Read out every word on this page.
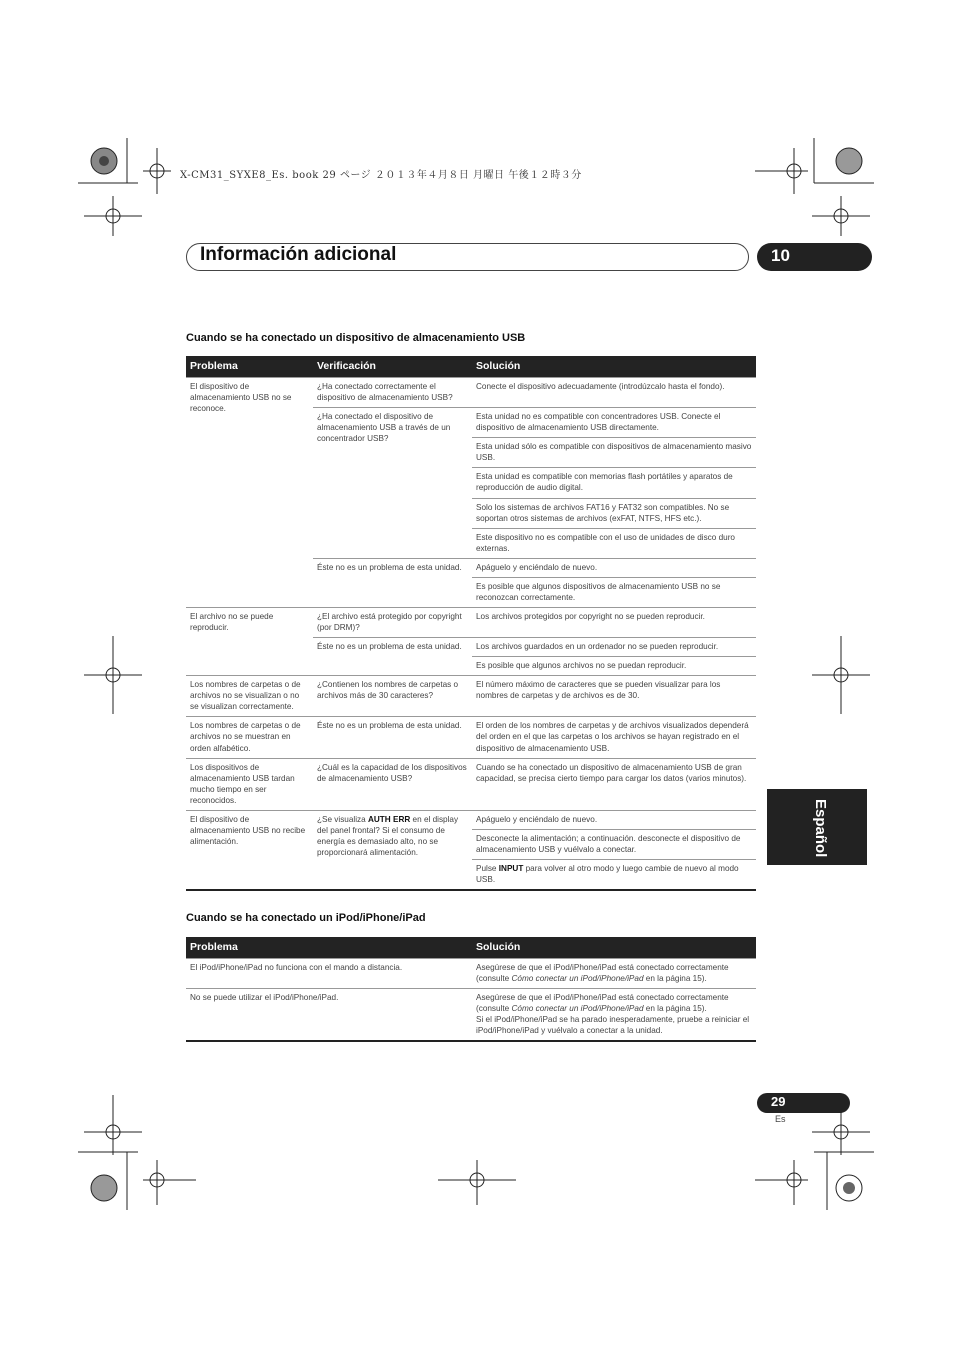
X-CM31_SYXE8_Es. book 29 ページ ２０１３年４月８日 月曜日 午後１２時３分
Información adicional	10
Cuando se ha conectado un dispositivo de almacenamiento USB
Problema	Verificación	Solución
El dispositivo de almacenamiento USB no se reconoce.	¿Ha conectado correctamente el dispositivo de almacenamiento USB?	Conecte el dispositivo adecuadamente (introdúzcalo hasta el fondo).
	¿Ha conectado el dispositivo de almacenamiento USB a través de un concentrador USB?	Esta unidad no es compatible con concentradores USB. Conecte el dispositivo de almacenamiento USB directamente.
		Esta unidad sólo es compatible con dispositivos de almacenamiento masivo USB.
		Esta unidad es compatible con memorias flash portátiles y aparatos de reproducción de audio digital.
		Solo los sistemas de archivos FAT16 y FAT32 son compatibles. No se soportan otros sistemas de archivos (exFAT, NTFS, HFS etc.).
		Este dispositivo no es compatible con el uso de unidades de disco duro externas.
	Éste no es un problema de esta unidad.	Apáguelo y enciéndalo de nuevo.
		Es posible que algunos dispositivos de almacenamiento USB no se reconozcan correctamente.
El archivo no se puede reproducir.	¿El archivo está protegido por copyright (por DRM)?	Los archivos protegidos por copyright no se pueden reproducir.
	Éste no es un problema de esta unidad.	Los archivos guardados en un ordenador no se pueden reproducir.
		Es posible que algunos archivos no se puedan reproducir.
Los nombres de carpetas o de archivos no se visualizan o no se visualizan correctamente.	¿Contienen los nombres de carpetas o archivos más de 30 caracteres?	El número máximo de caracteres que se pueden visualizar para los nombres de carpetas y de archivos es de 30.
Los nombres de carpetas o de archivos no se muestran en orden alfabético.	Éste no es un problema de esta unidad.	El orden de los nombres de carpetas y de archivos visualizados dependerá del orden en el que las carpetas o los archivos se hayan registrado en el dispositivo de almacenamiento USB.
Los dispositivos de almacenamiento USB tardan mucho tiempo en ser reconocidos.	¿Cuál es la capacidad de los dispositivos de almacenamiento USB?	Cuando se ha conectado un dispositivo de almacenamiento USB de gran capacidad, se precisa cierto tiempo para cargar los datos (varios minutos).
El dispositivo de almacenamiento USB no recibe alimentación.	¿Se visualiza AUTH ERR en el display del panel frontal? Si el consumo de energía es demasiado alto, no se proporcionará alimentación.	Apáguelo y enciéndalo de nuevo.
		Desconecte la alimentación; a continuación. desconecte el dispositivo de almacenamiento USB y vuélvalo a conectar.
		Pulse INPUT para volver al otro modo y luego cambie de nuevo al modo USB.
Cuando se ha conectado un iPod/iPhone/iPad
Problema	Solución
El iPod/iPhone/iPad no funciona con el mando a distancia.	Asegúrese de que el iPod/iPhone/iPad está conectado correctamente (consulte Cómo conectar un iPod/iPhone/iPad en la página 15).
No se puede utilizar el iPod/iPhone/iPad.	Asegúrese de que el iPod/iPhone/iPad está conectado correctamente (consulte Cómo conectar un iPod/iPhone/iPad en la página 15).
Si el iPod/iPhone/iPad se ha parado inesperadamente, pruebe a reiniciar el iPod/iPhone/iPad y vuélvalo a conectar a la unidad.
Español
29
Es
